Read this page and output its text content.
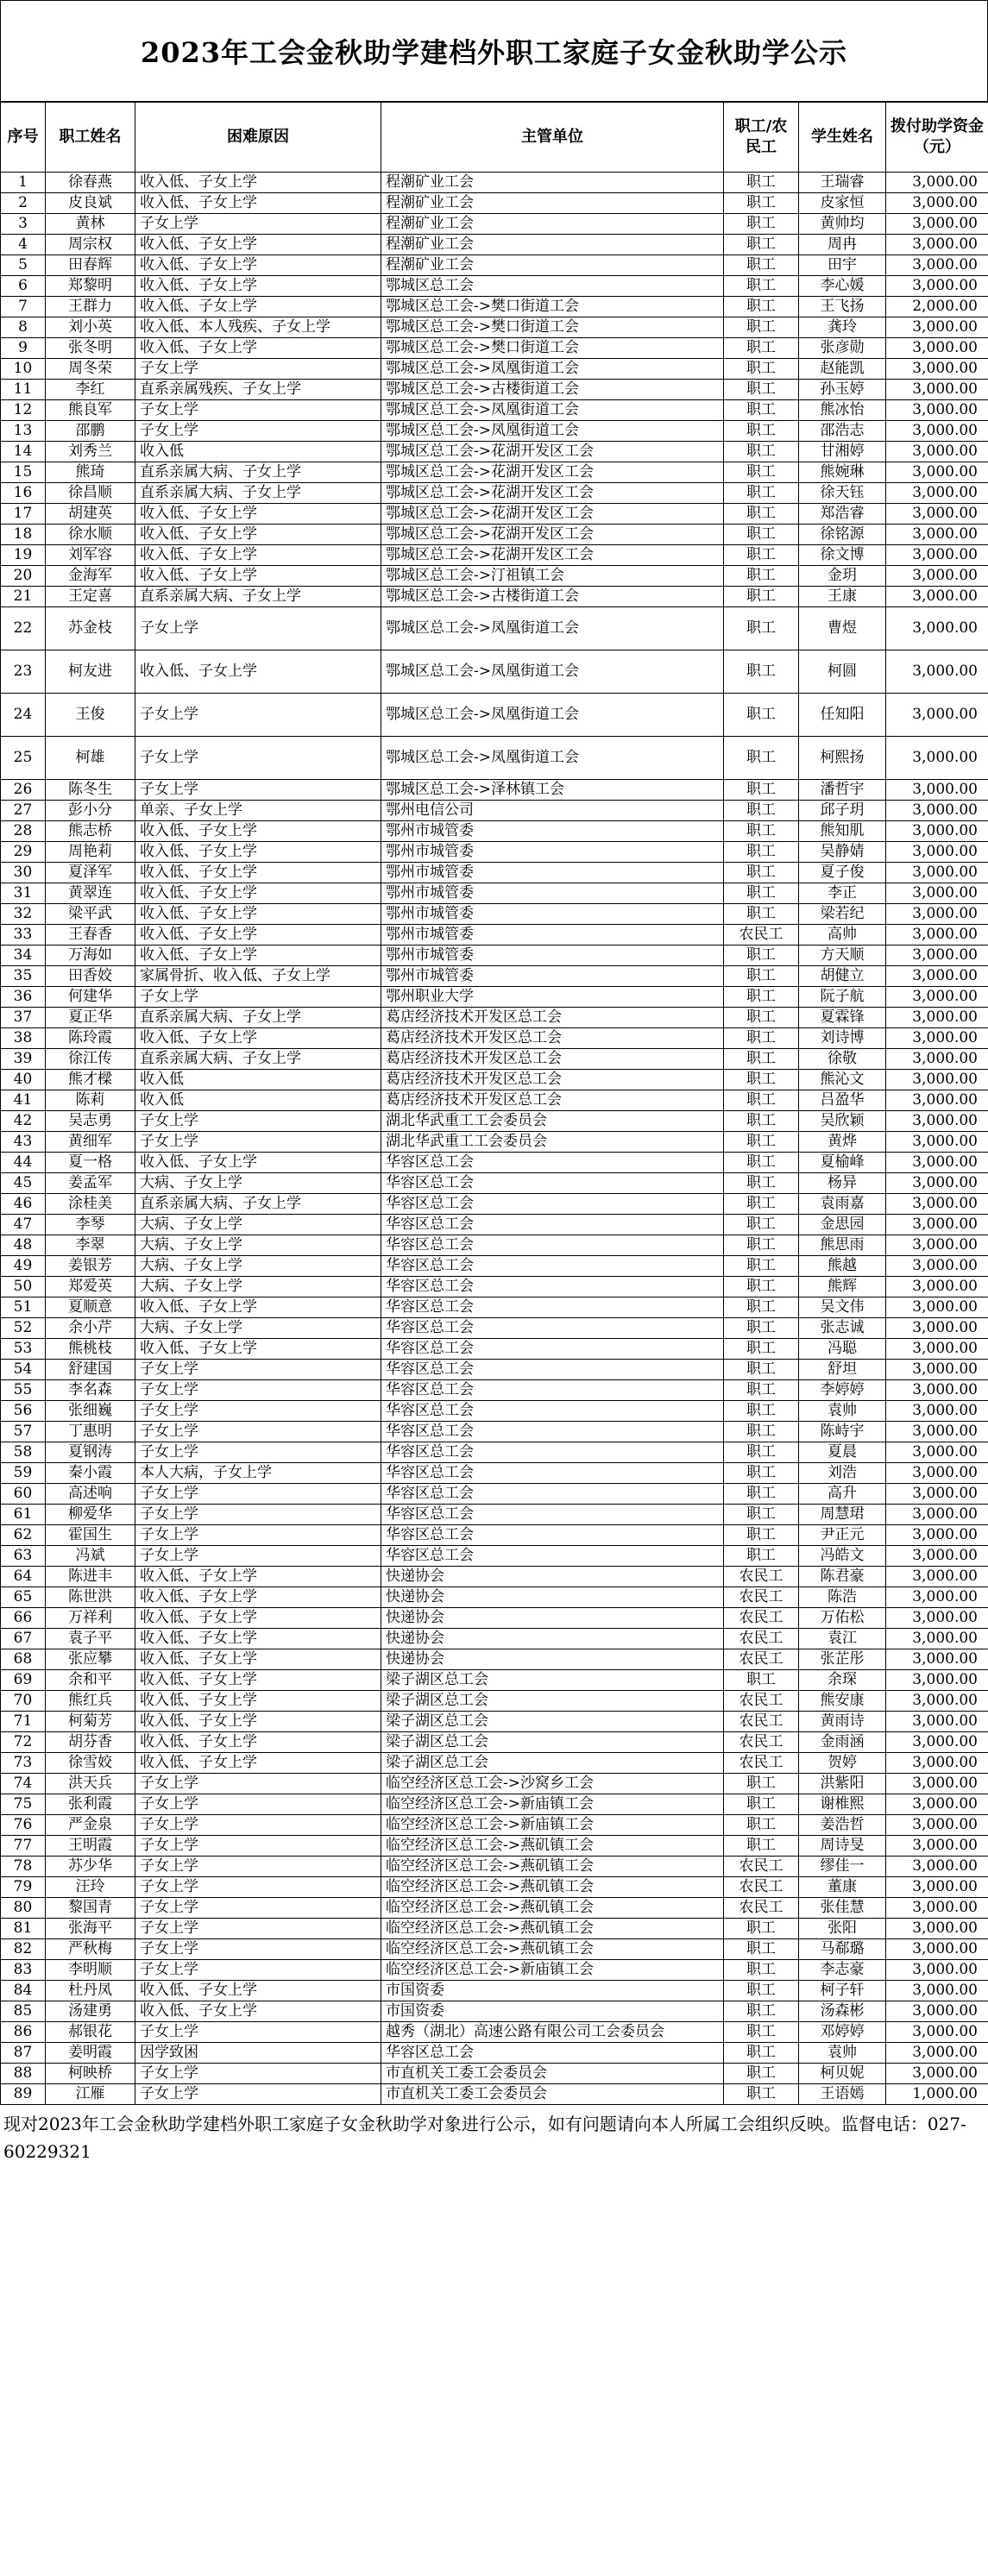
2023年工会金秋助学建档外职工家庭子女金秋助学公示
序号	职工姓名	困难原因	主管单位	职工/农民工	学生姓名	拨付助学资金（元）
1	徐春燕	收入低、子女上学	程潮矿业工会	职工	王瑞睿	3,000.00
2	皮良斌	收入低、子女上学	程潮矿业工会	职工	皮家恒	3,000.00
3	黄林	子女上学	程潮矿业工会	职工	黄帅均	3,000.00
4	周宗权	收入低、子女上学	程潮矿业工会	职工	周冉	3,000.00
5	田春辉	收入低、子女上学	程潮矿业工会	职工	田宇	3,000.00
6	郑黎明	收入低、子女上学	鄂城区总工会	职工	李心媛	3,000.00
7	王群力	收入低、子女上学	鄂城区总工会->樊口街道工会	职工	王飞扬	2,000.00
8	刘小英	收入低、本人残疾、子女上学	鄂城区总工会->樊口街道工会	职工	龚玲	3,000.00
9	张冬明	收入低、子女上学	鄂城区总工会->樊口街道工会	职工	张彦勋	3,000.00
10	周冬荣	子女上学	鄂城区总工会->凤凰街道工会	职工	赵能凯	3,000.00
11	李红	直系亲属残疾、子女上学	鄂城区总工会->古楼街道工会	职工	孙玉婷	3,000.00
12	熊良军	子女上学	鄂城区总工会->凤凰街道工会	职工	熊冰怡	3,000.00
13	邵鹏	子女上学	鄂城区总工会->凤凰街道工会	职工	邵浩志	3,000.00
14	刘秀兰	收入低	鄂城区总工会->花湖开发区工会	职工	甘湘婷	3,000.00
15	熊琦	直系亲属大病、子女上学	鄂城区总工会->花湖开发区工会	职工	熊婉琳	3,000.00
16	徐昌顺	直系亲属大病、子女上学	鄂城区总工会->花湖开发区工会	职工	徐天钰	3,000.00
17	胡建英	收入低、子女上学	鄂城区总工会->花湖开发区工会	职工	郑浩睿	3,000.00
18	徐水顺	收入低、子女上学	鄂城区总工会->花湖开发区工会	职工	徐铭源	3,000.00
19	刘军容	收入低、子女上学	鄂城区总工会->花湖开发区工会	职工	徐文博	3,000.00
20	金海军	收入低、子女上学	鄂城区总工会->汀祖镇工会	职工	金玥	3,000.00
21	王定喜	直系亲属大病、子女上学	鄂城区总工会->古楼街道工会	职工	王康	3,000.00
22	苏金枝	子女上学	鄂城区总工会->凤凰街道工会	职工	曹煜	3,000.00
23	柯友进	收入低、子女上学	鄂城区总工会->凤凰街道工会	职工	柯圆	3,000.00
24	王俊	子女上学	鄂城区总工会->凤凰街道工会	职工	任知阳	3,000.00
25	柯雄	子女上学	鄂城区总工会->凤凰街道工会	职工	柯熙扬	3,000.00
26	陈冬生	子女上学	鄂城区总工会->泽林镇工会	职工	潘哲宇	3,000.00
27	彭小分	单亲、子女上学	鄂州电信公司	职工	邱子玥	3,000.00
28	熊志桥	收入低、子女上学	鄂州市城管委	职工	熊知肌	3,000.00
29	周艳莉	收入低、子女上学	鄂州市城管委	职工	吴静婧	3,000.00
30	夏泽军	收入低、子女上学	鄂州市城管委	职工	夏子俊	3,000.00
31	黄翠连	收入低、子女上学	鄂州市城管委	职工	李正	3,000.00
32	梁平武	收入低、子女上学	鄂州市城管委	职工	梁若纪	3,000.00
33	王春香	收入低、子女上学	鄂州市城管委	农民工	高帅	3,000.00
34	万海如	收入低、子女上学	鄂州市城管委	职工	方天顺	3,000.00
35	田香姣	家属骨折、收入低、子女上学	鄂州市城管委	职工	胡健立	3,000.00
36	何建华	子女上学	鄂州职业大学	职工	阮子航	3,000.00
37	夏正华	直系亲属大病、子女上学	葛店经济技术开发区总工会	职工	夏霖锋	3,000.00
38	陈玲霞	收入低、子女上学	葛店经济技术开发区总工会	职工	刘诗博	3,000.00
39	徐江传	直系亲属大病、子女上学	葛店经济技术开发区总工会	职工	徐敬	3,000.00
40	熊才樑	收入低	葛店经济技术开发区总工会	职工	熊沁文	3,000.00
41	陈莉	收入低	葛店经济技术开发区总工会	职工	吕盈华	3,000.00
42	吴志勇	子女上学	湖北华武重工工会委员会	职工	吴欣颖	3,000.00
43	黄细军	子女上学	湖北华武重工工会委员会	职工	黄烨	3,000.00
44	夏一格	收入低、子女上学	华容区总工会	职工	夏榆峰	3,000.00
45	姜孟军	大病、子女上学	华容区总工会	职工	杨异	3,000.00
46	涂桂美	直系亲属大病、子女上学	华容区总工会	职工	袁雨嘉	3,000.00
47	李琴	大病、子女上学	华容区总工会	职工	金思园	3,000.00
48	李翠	大病、子女上学	华容区总工会	职工	熊思雨	3,000.00
49	姜银芳	大病、子女上学	华容区总工会	职工	熊越	3,000.00
50	郑爱英	大病、子女上学	华容区总工会	职工	熊辉	3,000.00
51	夏顺意	收入低、子女上学	华容区总工会	职工	吴文伟	3,000.00
52	余小芹	大病、子女上学	华容区总工会	职工	张志诚	3,000.00
53	熊桃枝	收入低、子女上学	华容区总工会	职工	冯聪	3,000.00
54	舒建国	子女上学	华容区总工会	职工	舒坦	3,000.00
55	李名森	子女上学	华容区总工会	职工	李婷婷	3,000.00
56	张细巍	子女上学	华容区总工会	职工	袁帅	3,000.00
57	丁惠明	子女上学	华容区总工会	职工	陈峙宇	3,000.00
58	夏钢涛	子女上学	华容区总工会	职工	夏晨	3,000.00
59	秦小霞	本人大病，子女上学	华容区总工会	职工	刘浩	3,000.00
60	高述响	子女上学	华容区总工会	职工	高升	3,000.00
61	柳爱华	子女上学	华容区总工会	职工	周慧珺	3,000.00
62	霍国生	子女上学	华容区总工会	职工	尹正元	3,000.00
63	冯斌	子女上学	华容区总工会	职工	冯皓文	3,000.00
64	陈进丰	收入低、子女上学	快递协会	农民工	陈君豪	3,000.00
65	陈世洪	收入低、子女上学	快递协会	农民工	陈浩	3,000.00
66	万祥利	收入低、子女上学	快递协会	农民工	万佑松	3,000.00
67	袁子平	收入低、子女上学	快递协会	农民工	袁江	3,000.00
68	张应攀	收入低、子女上学	快递协会	农民工	张芷彤	3,000.00
69	余和平	收入低、子女上学	梁子湖区总工会	职工	余琛	3,000.00
70	熊红兵	收入低、子女上学	梁子湖区总工会	农民工	熊安康	3,000.00
71	柯菊芳	收入低、子女上学	梁子湖区总工会	农民工	黄雨诗	3,000.00
72	胡芬香	收入低、子女上学	梁子湖区总工会	农民工	金雨涵	3,000.00
73	徐雪姣	收入低、子女上学	梁子湖区总工会	农民工	贺婷	3,000.00
74	洪天兵	子女上学	临空经济区总工会->沙窝乡工会	职工	洪紫阳	3,000.00
75	张利霞	子女上学	临空经济区总工会->新庙镇工会	职工	谢椎熙	3,000.00
76	严金泉	子女上学	临空经济区总工会->新庙镇工会	职工	姜浩哲	3,000.00
77	王明霞	子女上学	临空经济区总工会->燕矶镇工会	职工	周诗旻	3,000.00
78	苏少华	子女上学	临空经济区总工会->燕矶镇工会	农民工	缪佳一	3,000.00
79	汪玲	子女上学	临空经济区总工会->燕矶镇工会	农民工	董康	3,000.00
80	黎国青	子女上学	临空经济区总工会->燕矶镇工会	农民工	张佳慧	3,000.00
81	张海平	子女上学	临空经济区总工会->燕矶镇工会	职工	张阳	3,000.00
82	严秋梅	子女上学	临空经济区总工会->燕矶镇工会	职工	马郗璐	3,000.00
83	李明顺	子女上学	临空经济区总工会->新庙镇工会	职工	李志豪	3,000.00
84	杜丹凤	收入低、子女上学	市国资委	职工	柯子轩	3,000.00
85	汤建勇	收入低、子女上学	市国资委	职工	汤森彬	3,000.00
86	郝银花	子女上学	越秀（湖北）高速公路有限公司工会委员会	职工	邓婷婷	3,000.00
87	姜明霞	因学致困	华容区总工会	职工	袁帅	3,000.00
88	柯映桥	子女上学	市直机关工委工会委员会	职工	柯贝妮	3,000.00
89	江雁	子女上学	市直机关工委工会委员会	职工	王语嫣	1,000.00
现对2023年工会金秋助学建档外职工家庭子女金秋助学对象进行公示，如有问题请向本人所属工会组织反映。监督电话：027-60229321
